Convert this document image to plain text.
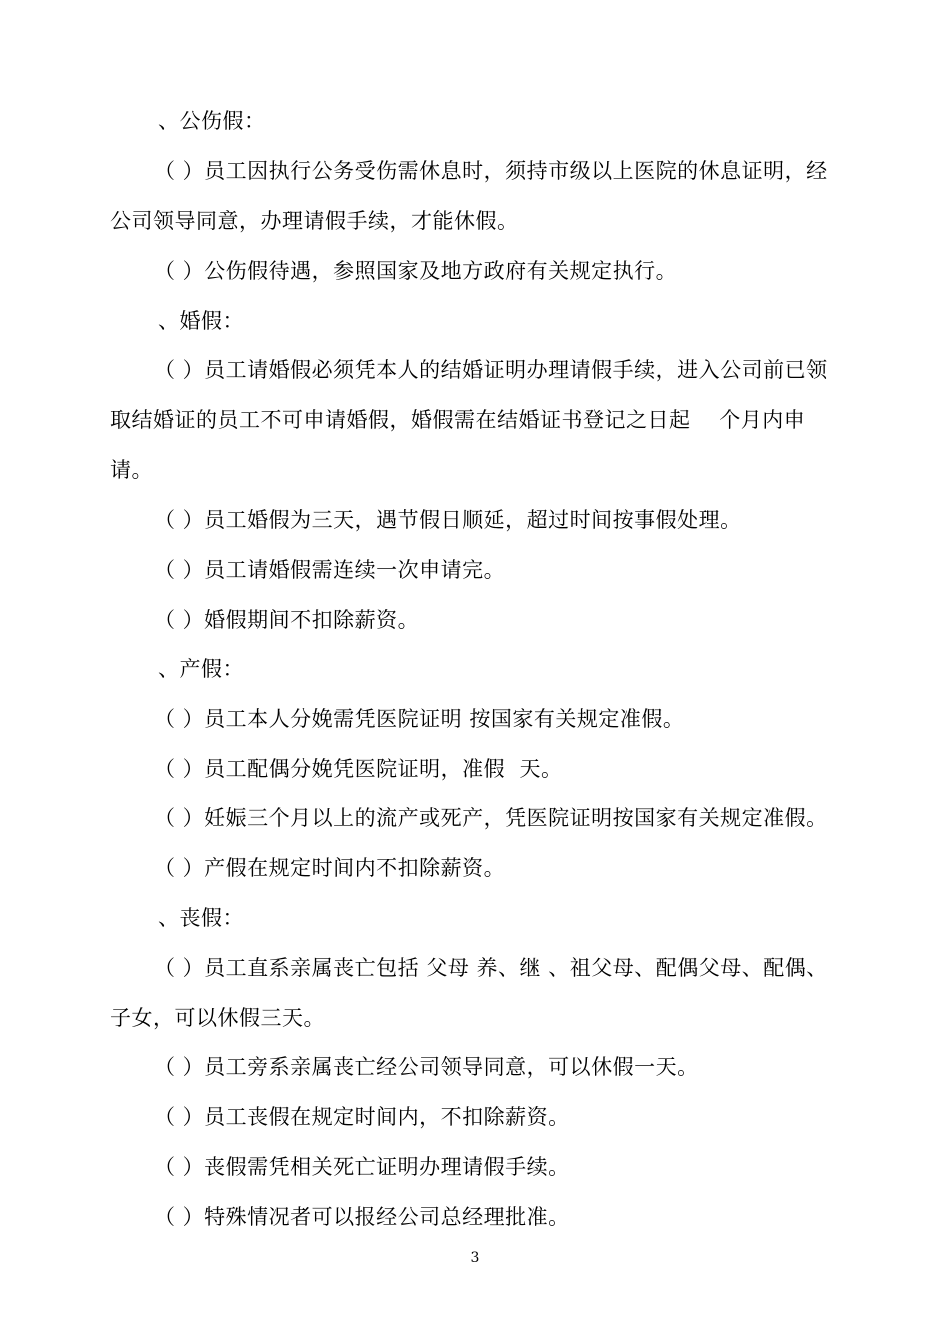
、公伤假：
（ ）员工因执行公务受伤需休息时，须持市级以上医院的休息证明，经
公司领导同意，办理请假手续，才能休假。
（ ）公伤假待遇，参照国家及地方政府有关规定执行。
、婚假：
（ ）员工请婚假必须凭本人的结婚证明办理请假手续，进入公司前已领
取结婚证的员工不可申请婚假，婚假需在结婚证书登记之日起    个月内申
请。
（ ）员工婚假为三天，遇节假日顺延，超过时间按事假处理。
（ ）员工请婚假需连续一次申请完。
（ ）婚假期间不扣除薪资。
、产假：
（ ）员工本人分娩需凭医院证明 按国家有关规定准假。
（ ）员工配偶分娩凭医院证明，准假  天。
（ ）妊娠三个月以上的流产或死产，凭医院证明按国家有关规定准假。
（ ）产假在规定时间内不扣除薪资。
、丧假：
（ ）员工直系亲属丧亡包括 父母 养、继 、祖父母、配偶父母、配偶、
子女，可以休假三天。
（ ）员工旁系亲属丧亡经公司领导同意，可以休假一天。
（ ）员工丧假在规定时间内，不扣除薪资。
（ ）丧假需凭相关死亡证明办理请假手续。
（ ）特殊情况者可以报经公司总经理批准。
3
